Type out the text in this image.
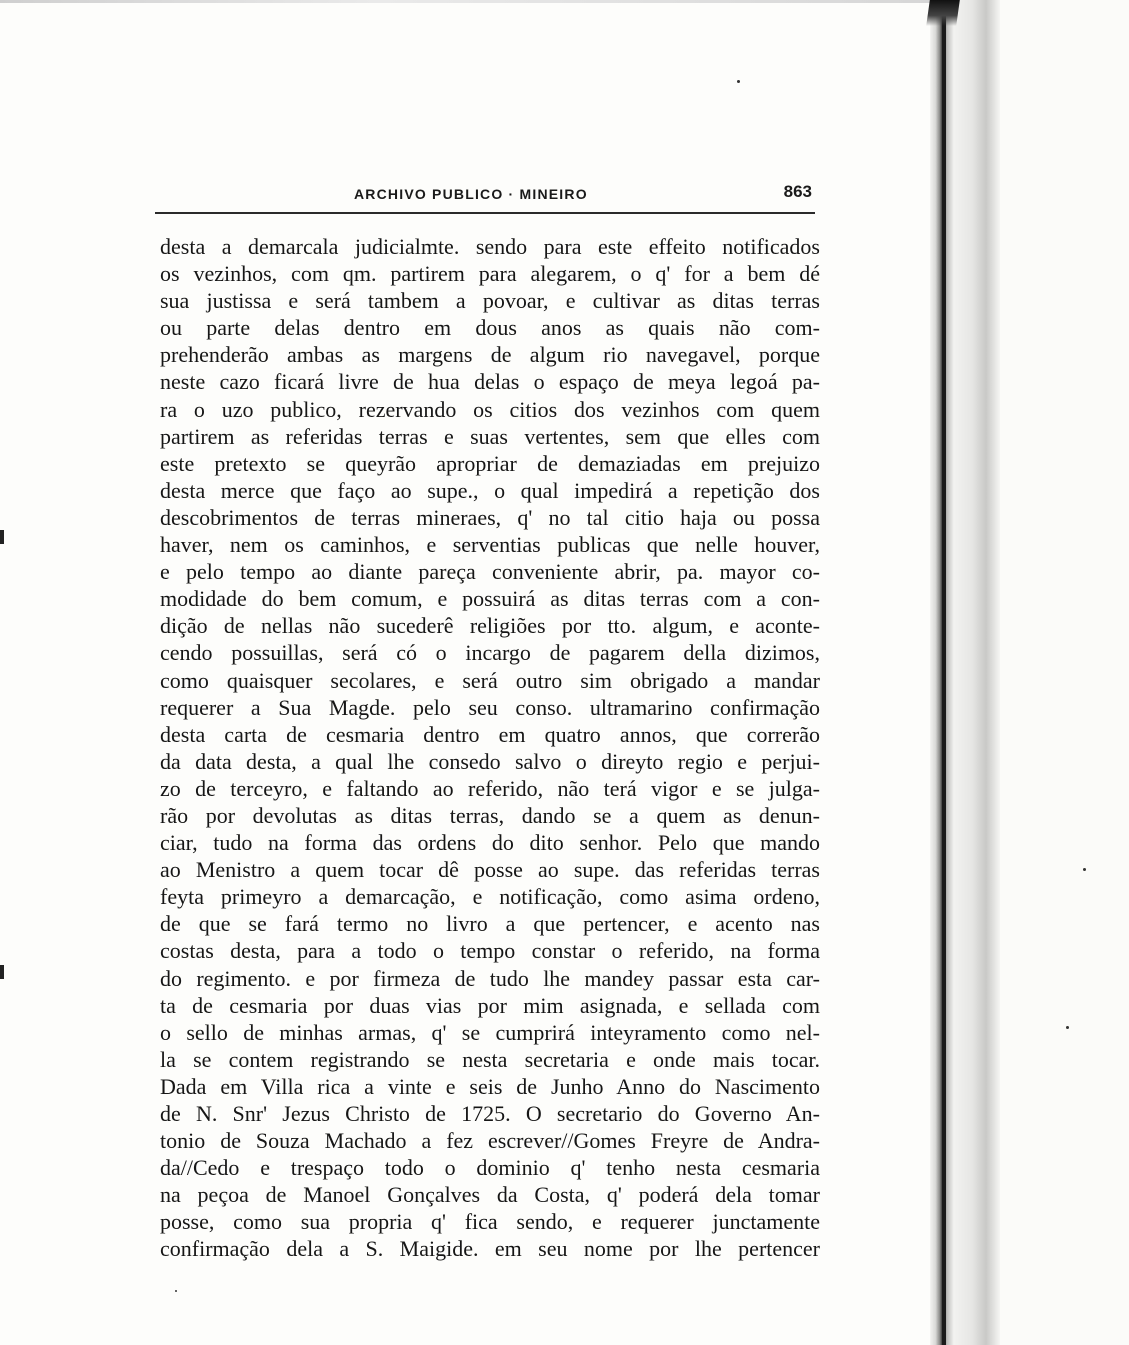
ARCHIVO PUBLICO · MINEIRO	863
desta a demarcala judicialmte. sendo para este effeito notificados
os vezinhos, com qm. partirem para alegarem, o q' for a bem dé
sua justissa e será tambem a povoar, e cultivar as ditas terras
ou parte delas dentro em dous anos as quais não com-
prehenderão ambas as margens de algum rio navegavel, porque
neste cazo ficará livre de hua delas o espaço de meya legoá pa-
ra o uzo publico, rezervando os citios dos vezinhos com quem
partirem as referidas terras e suas vertentes, sem que elles com
este pretexto se queyrão apropriar de demaziadas em prejuizo
desta merce que faço ao supe., o qual impedirá a repetição dos
descobrimentos de terras mineraes, q' no tal citio haja ou possa
haver, nem os caminhos, e serventias publicas que nelle houver,
e pelo tempo ao diante pareça conveniente abrir, pa. mayor co-
modidade do bem comum, e possuirá as ditas terras com a con-
dição de nellas não sucederê religiões por tto. algum, e aconte-
cendo possuillas, será có o incargo de pagarem della dizimos,
como quaisquer secolares, e será outro sim obrigado a mandar
requerer a Sua Magde. pelo seu conso. ultramarino confirmação
desta carta de cesmaria dentro em quatro annos, que correrão
da data desta, a qual lhe consedo salvo o direyto regio e perjui-
zo de terceyro, e faltando ao referido, não terá vigor e se julga-
rão por devolutas as ditas terras, dando se a quem as denun-
ciar, tudo na forma das ordens do dito senhor. Pelo que mando
ao Menistro a quem tocar dê posse ao supe. das referidas terras
feyta primeyro a demarcação, e notificação, como asima ordeno,
de que se fará termo no livro a que pertencer, e acento nas
costas desta, para a todo o tempo constar o referido, na forma
do regimento. e por firmeza de tudo lhe mandey passar esta car-
ta de cesmaria por duas vias por mim asignada, e sellada com
o sello de minhas armas, q' se cumprirá inteyramento como nel-
la se contem registrando se nesta secretaria e onde mais tocar.
Dada em Villa rica a vinte e seis de Junho Anno do Nascimento
de N. Snr' Jezus Christo de 1725. O secretario do Governo An-
tonio de Souza Machado a fez escrever//Gomes Freyre de Andra-
da//Cedo e trespaço todo o dominio q' tenho nesta cesmaria
na peçoa de Manoel Gonçalves da Costa, q' poderá dela tomar
posse, como sua propria q' fica sendo, e requerer junctamente
confirmação dela a S. Maigide. em seu nome por lhe pertencer
